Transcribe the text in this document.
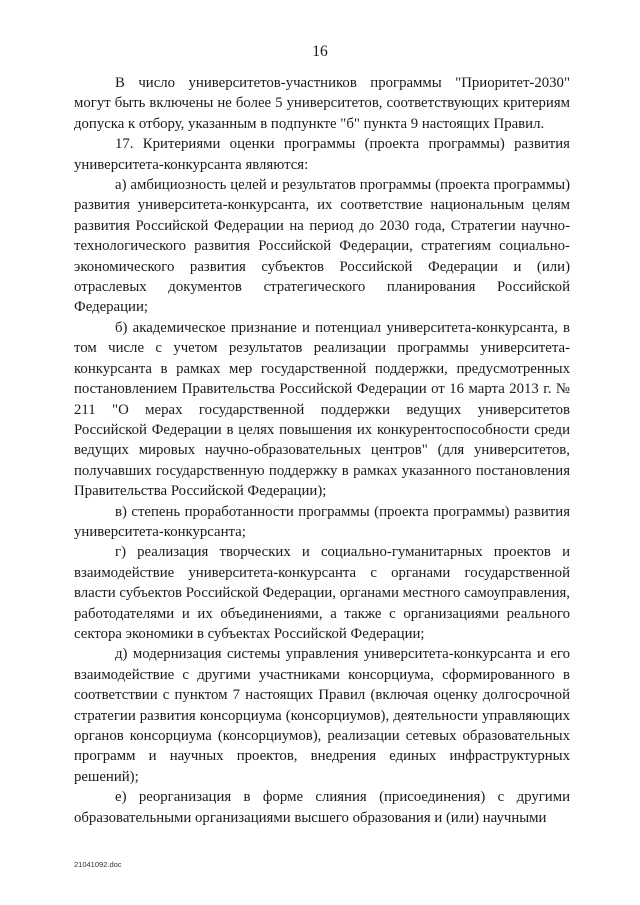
16

В число университетов-участников программы "Приоритет-2030" могут быть включены не более 5 университетов, соответствующих критериям допуска к отбору, указанным в подпункте "б" пункта 9 настоящих Правил.

17. Критериями оценки программы (проекта программы) развития университета-конкурсанта являются:

а) амбициозность целей и результатов программы (проекта программы) развития университета-конкурсанта, их соответствие национальным целям развития Российской Федерации на период до 2030 года, Стратегии научно-технологического развития Российской Федерации, стратегиям социально-экономического развития субъектов Российской Федерации и (или) отраслевых документов стратегического планирования Российской Федерации;

б) академическое признание и потенциал университета-конкурсанта, в том числе с учетом результатов реализации программы университета-конкурсанта в рамках мер государственной поддержки, предусмотренных постановлением Правительства Российской Федерации от 16 марта 2013 г. № 211 "О мерах государственной поддержки ведущих университетов Российской Федерации в целях повышения их конкурентоспособности среди ведущих мировых научно-образовательных центров" (для университетов, получавших государственную поддержку в рамках указанного постановления Правительства Российской Федерации);

в) степень проработанности программы (проекта программы) развития университета-конкурсанта;

г) реализация творческих и социально-гуманитарных проектов и взаимодействие университета-конкурсанта с органами государственной власти субъектов Российской Федерации, органами местного самоуправления, работодателями и их объединениями, а также с организациями реального сектора экономики в субъектах Российской Федерации;

д) модернизация системы управления университета-конкурсанта и его взаимодействие с другими участниками консорциума, сформированного в соответствии с пунктом 7 настоящих Правил (включая оценку долгосрочной стратегии развития консорциума (консорциумов), деятельности управляющих органов консорциума (консорциумов), реализации сетевых образовательных программ и научных проектов, внедрения единых инфраструктурных решений);

е) реорганизация в форме слияния (присоединения) с другими образовательными организациями высшего образования и (или) научными

21041092.doc
